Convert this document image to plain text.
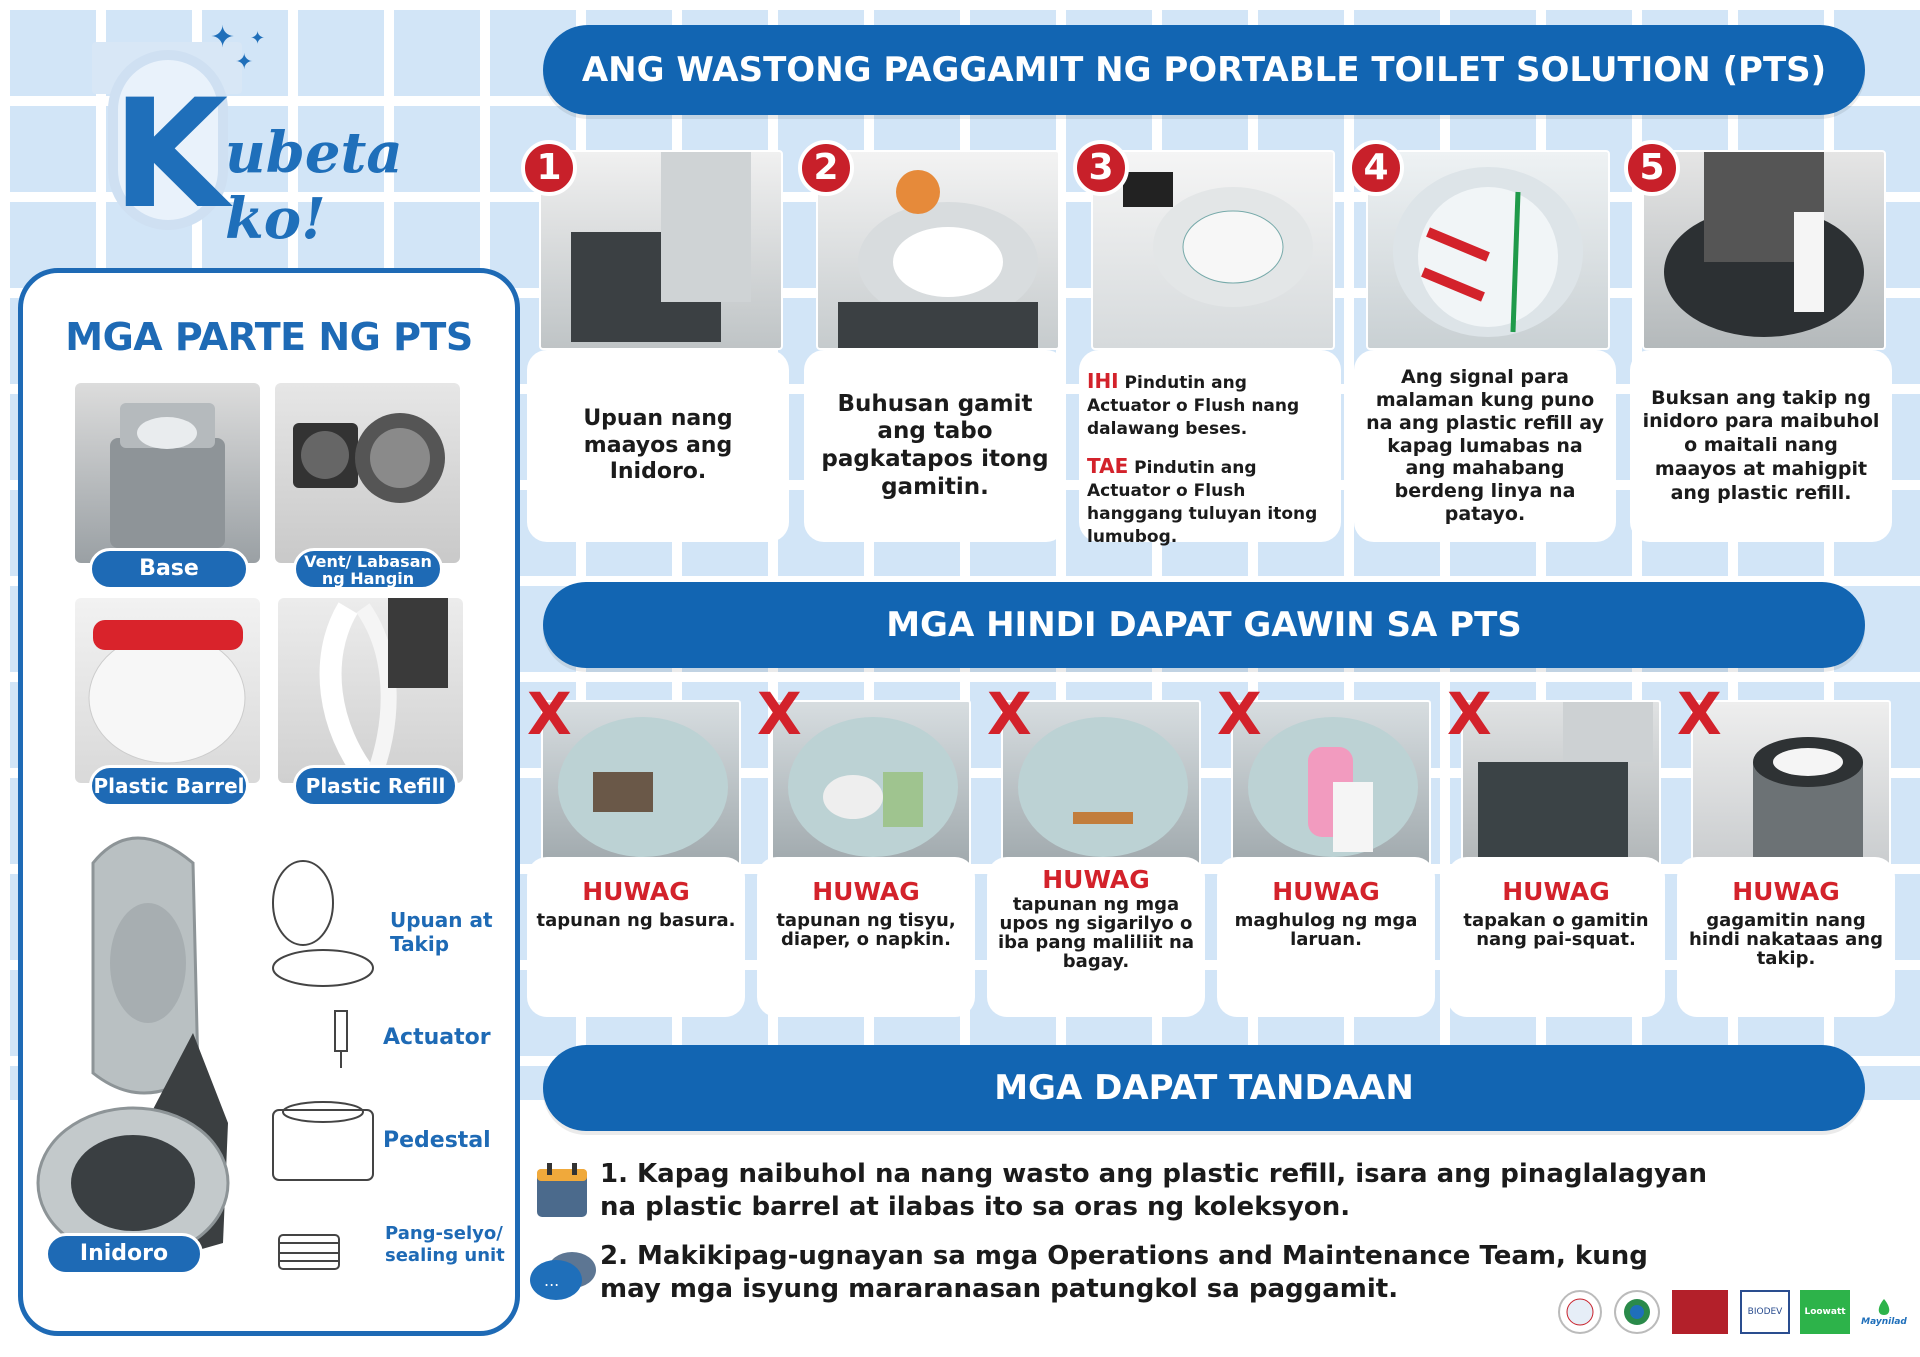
K
ubeta ko!
✦
✦
✦
MGA PARTE NG PTS
Base	Vent/ Labasan ng Hangin
Plastic Barrel	Plastic Refill
Inidoro
Upuan at Takip
Actuator
Pedestal
Pang-selyo/ sealing unit
ANG WASTONG PAGGAMIT NG PORTABLE TOILET SOLUTION (PTS)
1
Upuan nang maayos ang Inidoro.
2
Buhusan gamit ang tabo pagkatapos itong gamitin.
3
IHI Pindutin ang Actuator o Flush nang dalawang beses.
TAE Pindutin ang Actuator o Flush hanggang tuluyan itong lumubog.
4
Ang signal para malaman kung puno na ang plastic refill ay kapag lumabas na ang mahabang berdeng linya na patayo.
5
Buksan ang takip ng inidoro para maibuhol o maitali nang maayos at mahigpit ang plastic refill.
MGA HINDI DAPAT GAWIN SA PTS
X
HUWAG
tapunan ng basura.
X
HUWAG
tapunan ng tisyu, diaper, o napkin.
X
HUWAG
tapunan ng mga upos ng sigarilyo o iba pang maliliit na bagay.
X
HUWAG
maghulog ng mga laruan.
X
HUWAG
tapakan o gamitin nang pai-squat.
X
HUWAG
gagamitin nang hindi nakataas ang takip.
MGA DAPAT TANDAAN
1. Kapag naibuhol na nang wasto ang plastic refill, isara ang pinaglalagyan na plastic barrel at ilabas ito sa oras ng koleksyon.
...
2. Makikipag-ugnayan sa mga Operations and Maintenance Team, kung may mga isyung mararanasan patungkol sa paggamit.
BIODEV	Loowatt
Maynilad
